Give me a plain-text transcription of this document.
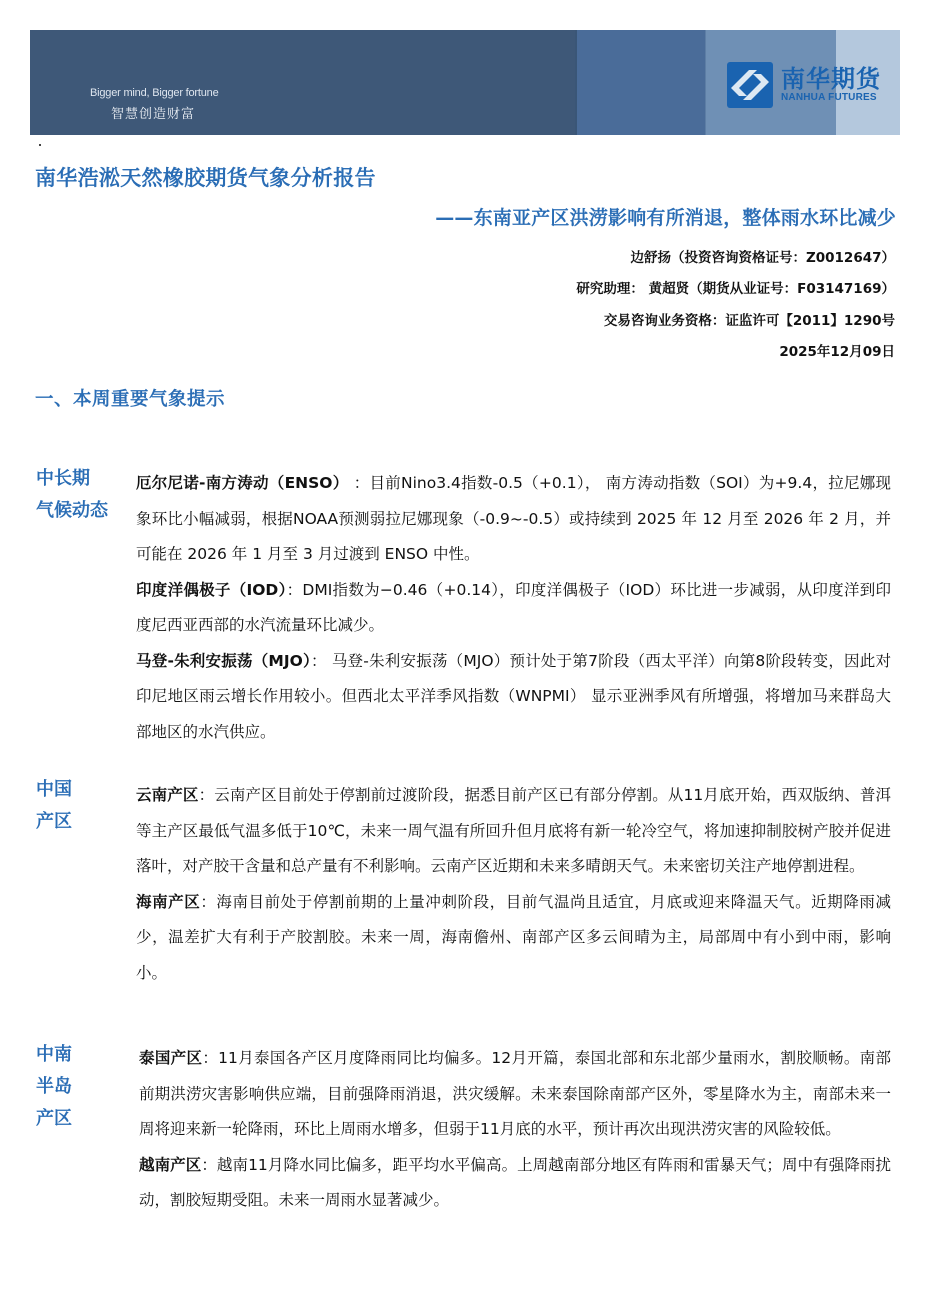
Bigger mind, Bigger fortune
智慧创造财富
南华期货
NANHUA FUTURES
南华浩淞天然橡胶期货气象分析报告
——东南亚产区洪涝影响有所消退，整体雨水环比减少
边舒扬（投资咨询资格证号：Z0012647）
研究助理： 黄超贤（期货从业证号：F03147169）
交易咨询业务资格：证监许可【2011】1290号
2025年12月09日
一、本周重要气象提示
中长期
气候动态

厄尔尼诺-南方涛动（ENSO） ：目前Nino3.4指数-0.5（+0.1）， 南方涛动指数（SOI）为+9.4，拉尼娜现象环比小幅减弱，根据NOAA预测弱拉尼娜现象（-0.9~-0.5）或持续到 2025 年 12 月至 2026 年 2 月，并可能在 2026 年 1 月至 3 月过渡到 ENSO 中性。

印度洋偶极子（IOD）：DMI指数为−0.46（+0.14），印度洋偶极子（IOD）环比进一步减弱，从印度洋到印度尼西亚西部的水汽流量环比减少。

马登-朱利安振荡（MJO）： 马登-朱利安振荡（MJO）预计处于第7阶段（西太平洋）向第8阶段转变，因此对印尼地区雨云增长作用较小。但西北太平洋季风指数（WNPMI） 显示亚洲季风有所增强，将增加马来群岛大部地区的水汽供应。

中国
产区

云南产区：云南产区目前处于停割前过渡阶段，据悉目前产区已有部分停割。从11月底开始，西双版纳、普洱等主产区最低气温多低于10℃，未来一周气温有所回升但月底将有新一轮冷空气，将加速抑制胶树产胶并促进落叶，对产胶干含量和总产量有不利影响。云南产区近期和未来多晴朗天气。未来密切关注产地停割进程。

海南产区：海南目前处于停割前期的上量冲刺阶段，目前气温尚且适宜，月底或迎来降温天气。近期降雨减少，温差扩大有利于产胶割胶。未来一周，海南儋州、南部产区多云间晴为主，局部周中有小到中雨，影响小。

中南
半岛
产区

泰国产区：11月泰国各产区月度降雨同比均偏多。12月开篇，泰国北部和东北部少量雨水，割胶顺畅。南部前期洪涝灾害影响供应端，目前强降雨消退，洪灾缓解。未来泰国除南部产区外，零星降水为主，南部未来一周将迎来新一轮降雨，环比上周雨水增多，但弱于11月底的水平，预计再次出现洪涝灾害的风险较低。

越南产区：越南11月降水同比偏多，距平均水平偏高。上周越南部分地区有阵雨和雷暴天气；周中有强降雨扰动，割胶短期受阻。未来一周雨水显著减少。
